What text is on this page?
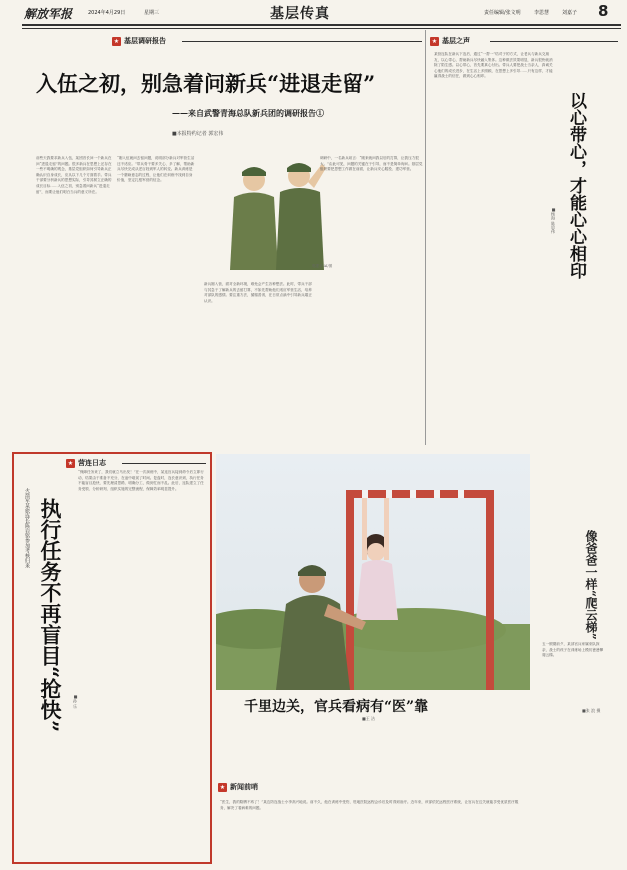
解放军报	2024年4月29日	星期三	基层传真	责任编辑/张文明	李思慧	刘嘉子 8
★ 基层调研报告
入伍之初，别急着问新兵“进退走留”
——来自武警青海总队新兵团的调研报告①
■本报特约记者 郭宏伟
郭建平·AI/图
前些天我要求新兵入伍，某团首长问一个新兵在问“进退走留”的问题。很多新兵在思想上还存在一些不明确的观念，基层党组织如何引导新兵正确认识自身成长，应从以下几个方面着手。带兵干部要分析新兵的思想实际，引导其树立正确的成长目标……入伍之初，别急着问新兵“进退走留”，而要让他们明白当兵的意义所在。
“刚入伍就问去留问题，说明部分新兵对军营生活还不适应。”带兵骨干要多关心、多了解，帮助新兵尽快完成从老百姓到军人的转变。新兵训练是一个磨砺意志的过程，让他们在训练中找到自身价值，坚定扎根军营的信念。
新兵刚入营，面对全新环境，难免会产生各种想法。此时，带兵干部与其急于了解新兵的去留打算，不如先帮助他们适应军营生活，培养对部队的感情。要注重方法，循循善诱，在日常点滴中引导新兵端正认识。
调研中，一名新兵坦言：“刚来就问我以后的打算，让我压力很大。”由此可见，问题的关键在于引导，而不是简单询问。基层党组织要把思想工作做在前面，让新兵安心服役、建功军营。
★ 基层之声
某营连队在新兵下连后，通过“一帮一”结对子的方式，让老兵与新兵交朋友，以心带心，帮助新兵尽快融入集体。这种做法效果明显，新兵很快就消除了陌生感。以心带心，首先要真心付出。带兵人要把战士当亲人，真诚关心他们的成长进步，在生活上多照顾，在思想上多引导……只有这样，才能赢得战士的信任，做到心心相印。
以心带心，才能心心相印
■杨海 陈思伟
★ 营连日志
火箭军某旅连长陈岩铭参加考核归来 执行任务不再盲目“抢快”	■孙 乐
“保障任务来了，我们就立马出发！”在一次演练中，某连官兵接到命令后立即行动，结果由于准备不充分，在途中耽误了时间。复盘时，连长意识到，执行任务不能盲目抢快，要先理清思路、明确分工，做到忙而不乱。此后，连队建立了任务受领、分析研判、组织实施的完整流程，保障效率明显提升。
像爸爸一样“爬云梯”
五一假期前夕，某部官兵家属来队探亲，战士的孩子在训练场上模仿爸爸攀爬云梯。
■张 浪 摄
千里边关，官兵看病有“医”靠
■王 洁
★ 新闻前哨
“医生，我的胳膊不疼了！”某边防连战士小李高兴地说。前不久，他在训练中受伤，驻地医院远程会诊后及时得到治疗。近年来，该部依托远程医疗系统，让官兵在边关就能享受优质医疗服务，解决了看病难的问题。
